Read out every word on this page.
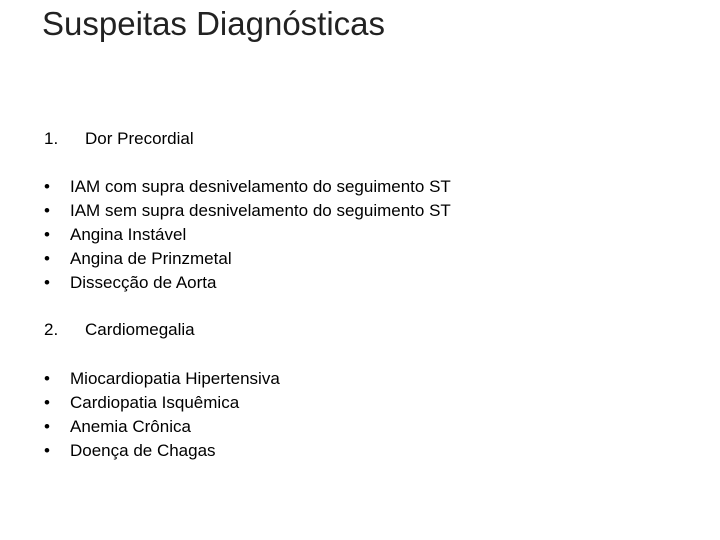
Suspeitas Diagnósticas
1. Dor Precordial
•	IAM com supra desnivelamento do seguimento ST
•	IAM sem supra desnivelamento do seguimento ST
•	Angina Instável
•	Angina de Prinzmetal
•	Dissecção de Aorta
2. Cardiomegalia
•	Miocardiopatia Hipertensiva
•	Cardiopatia Isquêmica
•	Anemia Crônica
•	Doença de Chagas
